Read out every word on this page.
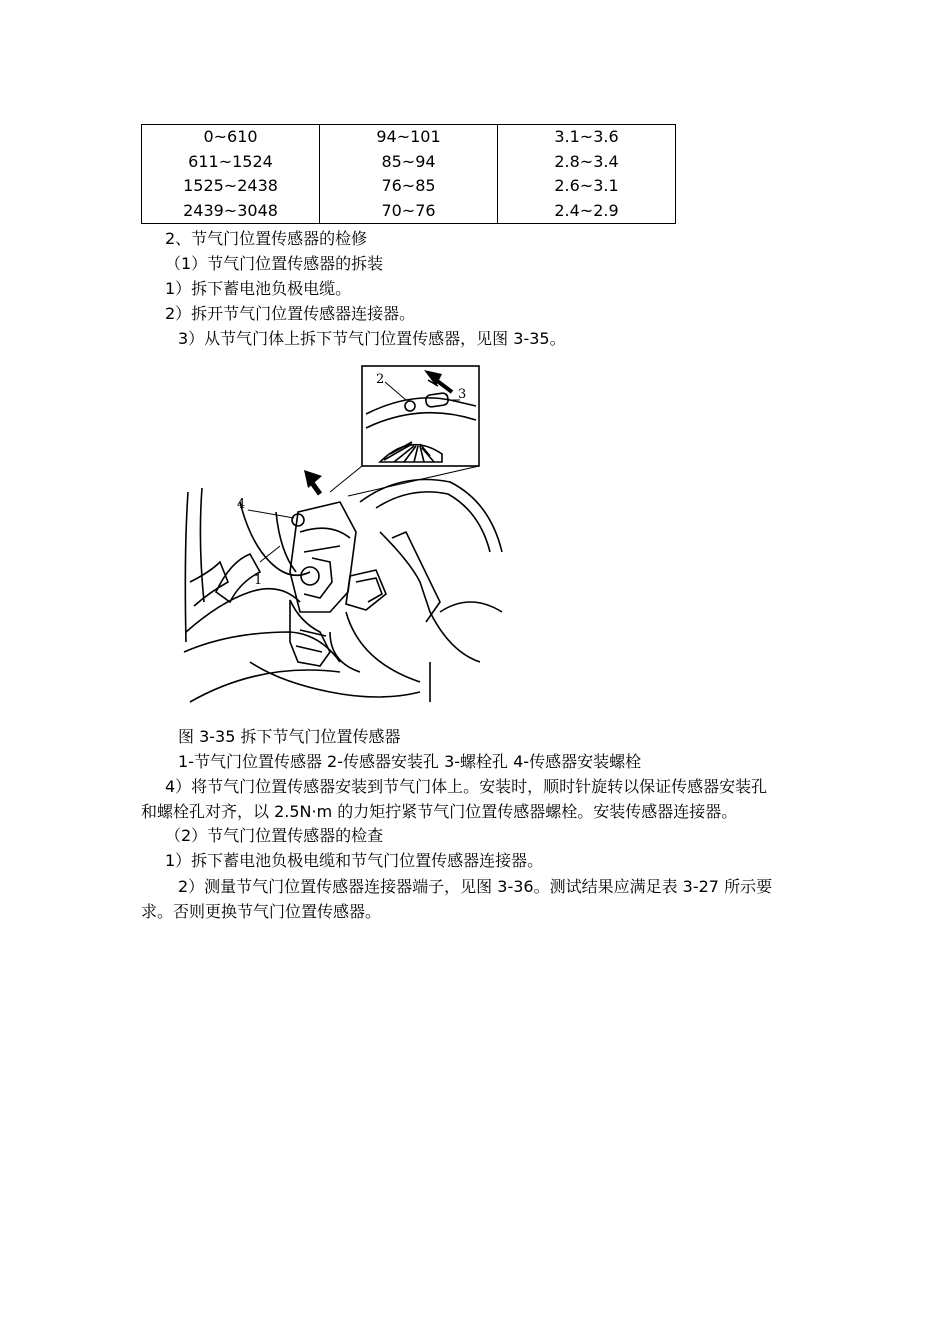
0~610	94~101	3.1~3.6
611~1524	85~94	2.8~3.4
1525~2438	76~85	2.6~3.1
2439~3048	70~76	2.4~2.9
2、节气门位置传感器的检修
（1）节气门位置传感器的拆装
1）拆下蓄电池负极电缆。
2）拆开节气门位置传感器连接器。
3）从节气门体上拆下节气门位置传感器，见图 3-35。
2
3
4
1
图 3-35 拆下节气门位置传感器
1-节气门位置传感器 2-传感器安装孔 3-螺栓孔 4-传感器安装螺栓
4）将节气门位置传感器安装到节气门体上。安装时，顺时针旋转以保证传感器安装孔
和螺栓孔对齐，以 2.5N·m 的力矩拧紧节气门位置传感器螺栓。安装传感器连接器。
（2）节气门位置传感器的检查
1）拆下蓄电池负极电缆和节气门位置传感器连接器。
2）测量节气门位置传感器连接器端子，见图 3-36。测试结果应满足表 3-27 所示要
求。否则更换节气门位置传感器。
